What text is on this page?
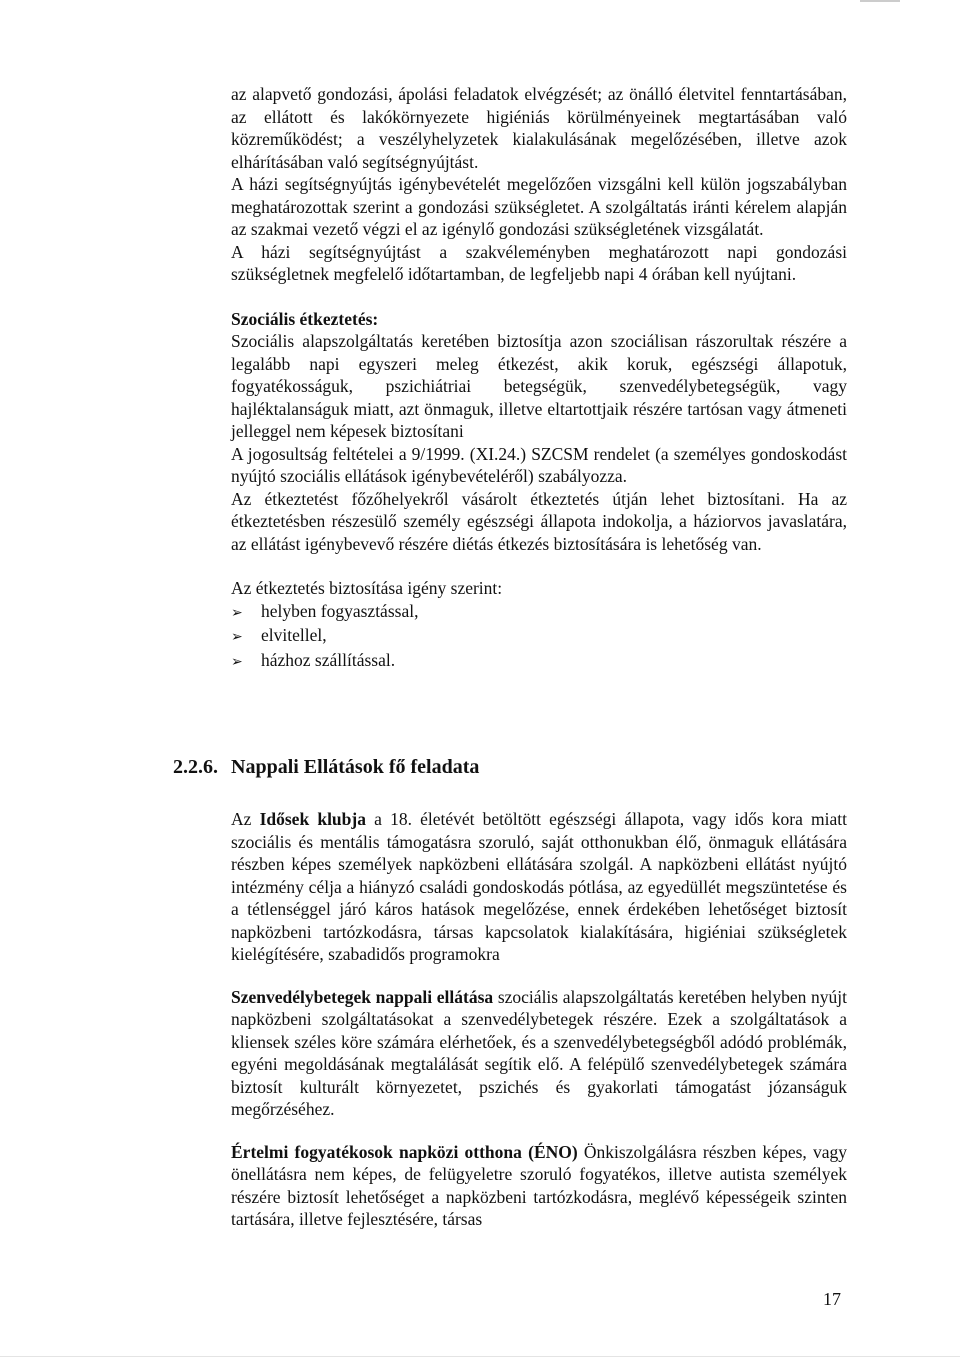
az alapvető gondozási, ápolási feladatok elvégzését; az önálló életvitel fenntartásában, az ellátott és lakókörnyezete higiéniás körülményeinek megtartásában való közreműködést; a veszélyhelyzetek kialakulásának megelőzésében, illetve azok elhárításában való segítségnyújtást.

A házi segítségnyújtás igénybevételét megelőzően vizsgálni kell külön jogszabályban meghatározottak szerint a gondozási szükségletet. A szolgáltatás iránti kérelem alapján az szakmai vezető végzi el az igénylő gondozási szükségletének vizsgálatát.

A házi segítségnyújtást a szakvéleményben meghatározott napi gondozási szükségletnek megfelelő időtartamban, de legfeljebb napi 4 órában kell nyújtani.

Szociális étkeztetés:

Szociális alapszolgáltatás keretében biztosítja azon szociálisan rászorultak részére a legalább napi egyszeri meleg étkezést, akik koruk, egészségi állapotuk, fogyatékosságuk, pszichiátriai betegségük, szenvedélybetegségük, vagy hajléktalanságuk miatt, azt önmaguk, illetve eltartottjaik részére tartósan vagy átmeneti jelleggel nem képesek biztosítani

A jogosultság feltételei a 9/1999. (XI.24.) SZCSM rendelet (a személyes gondoskodást nyújtó szociális ellátások igénybevételéről) szabályozza.

Az étkeztetést főzőhelyekről vásárolt étkeztetés útján lehet biztosítani. Ha az étkeztetésben részesülő személy egészségi állapota indokolja, a háziorvos javaslatára, az ellátást igénybevevő részére diétás étkezés biztosítására is lehetőség van.

Az étkeztetés biztosítása igény szerint:

➢	helyben fogyasztással,
➢	elvitellel,
➢	házhoz szállítással.
2.2.6. Nappali Ellátások fő feladata

Az Idősek klubja a 18. életévét betöltött egészségi állapota, vagy idős kora miatt szociális és mentális támogatásra szoruló, saját otthonukban élő, önmaguk ellátására részben képes személyek napközbeni ellátására szolgál. A napközbeni ellátást nyújtó intézmény célja a hiányzó családi gondoskodás pótlása, az egyedüllét megszüntetése és a tétlenséggel járó káros hatások megelőzése, ennek érdekében lehetőséget biztosít napközbeni tartózkodásra, társas kapcsolatok kialakítására, higiéniai szükségletek kielégítésére, szabadidős programokra

Szenvedélybetegek nappali ellátása szociális alapszolgáltatás keretében helyben nyújt napközbeni szolgáltatásokat a szenvedélybetegek részére. Ezek a szolgáltatások a kliensek széles köre számára elérhetőek, és a szenvedélybetegségből adódó problémák, egyéni megoldásának megtalálását segítik elő. A felépülő szenvedélybetegek számára biztosít kulturált környezetet, pszichés és gyakorlati támogatást józanságuk megőrzéséhez.

Értelmi fogyatékosok napközi otthona (ÉNO) Önkiszolgálásra részben képes, vagy önellátásra nem képes, de felügyeletre szoruló fogyatékos, illetve autista személyek részére biztosít lehetőséget a napközbeni tartózkodásra, meglévő képességeik szinten tartására, illetve fejlesztésére, társas

17
